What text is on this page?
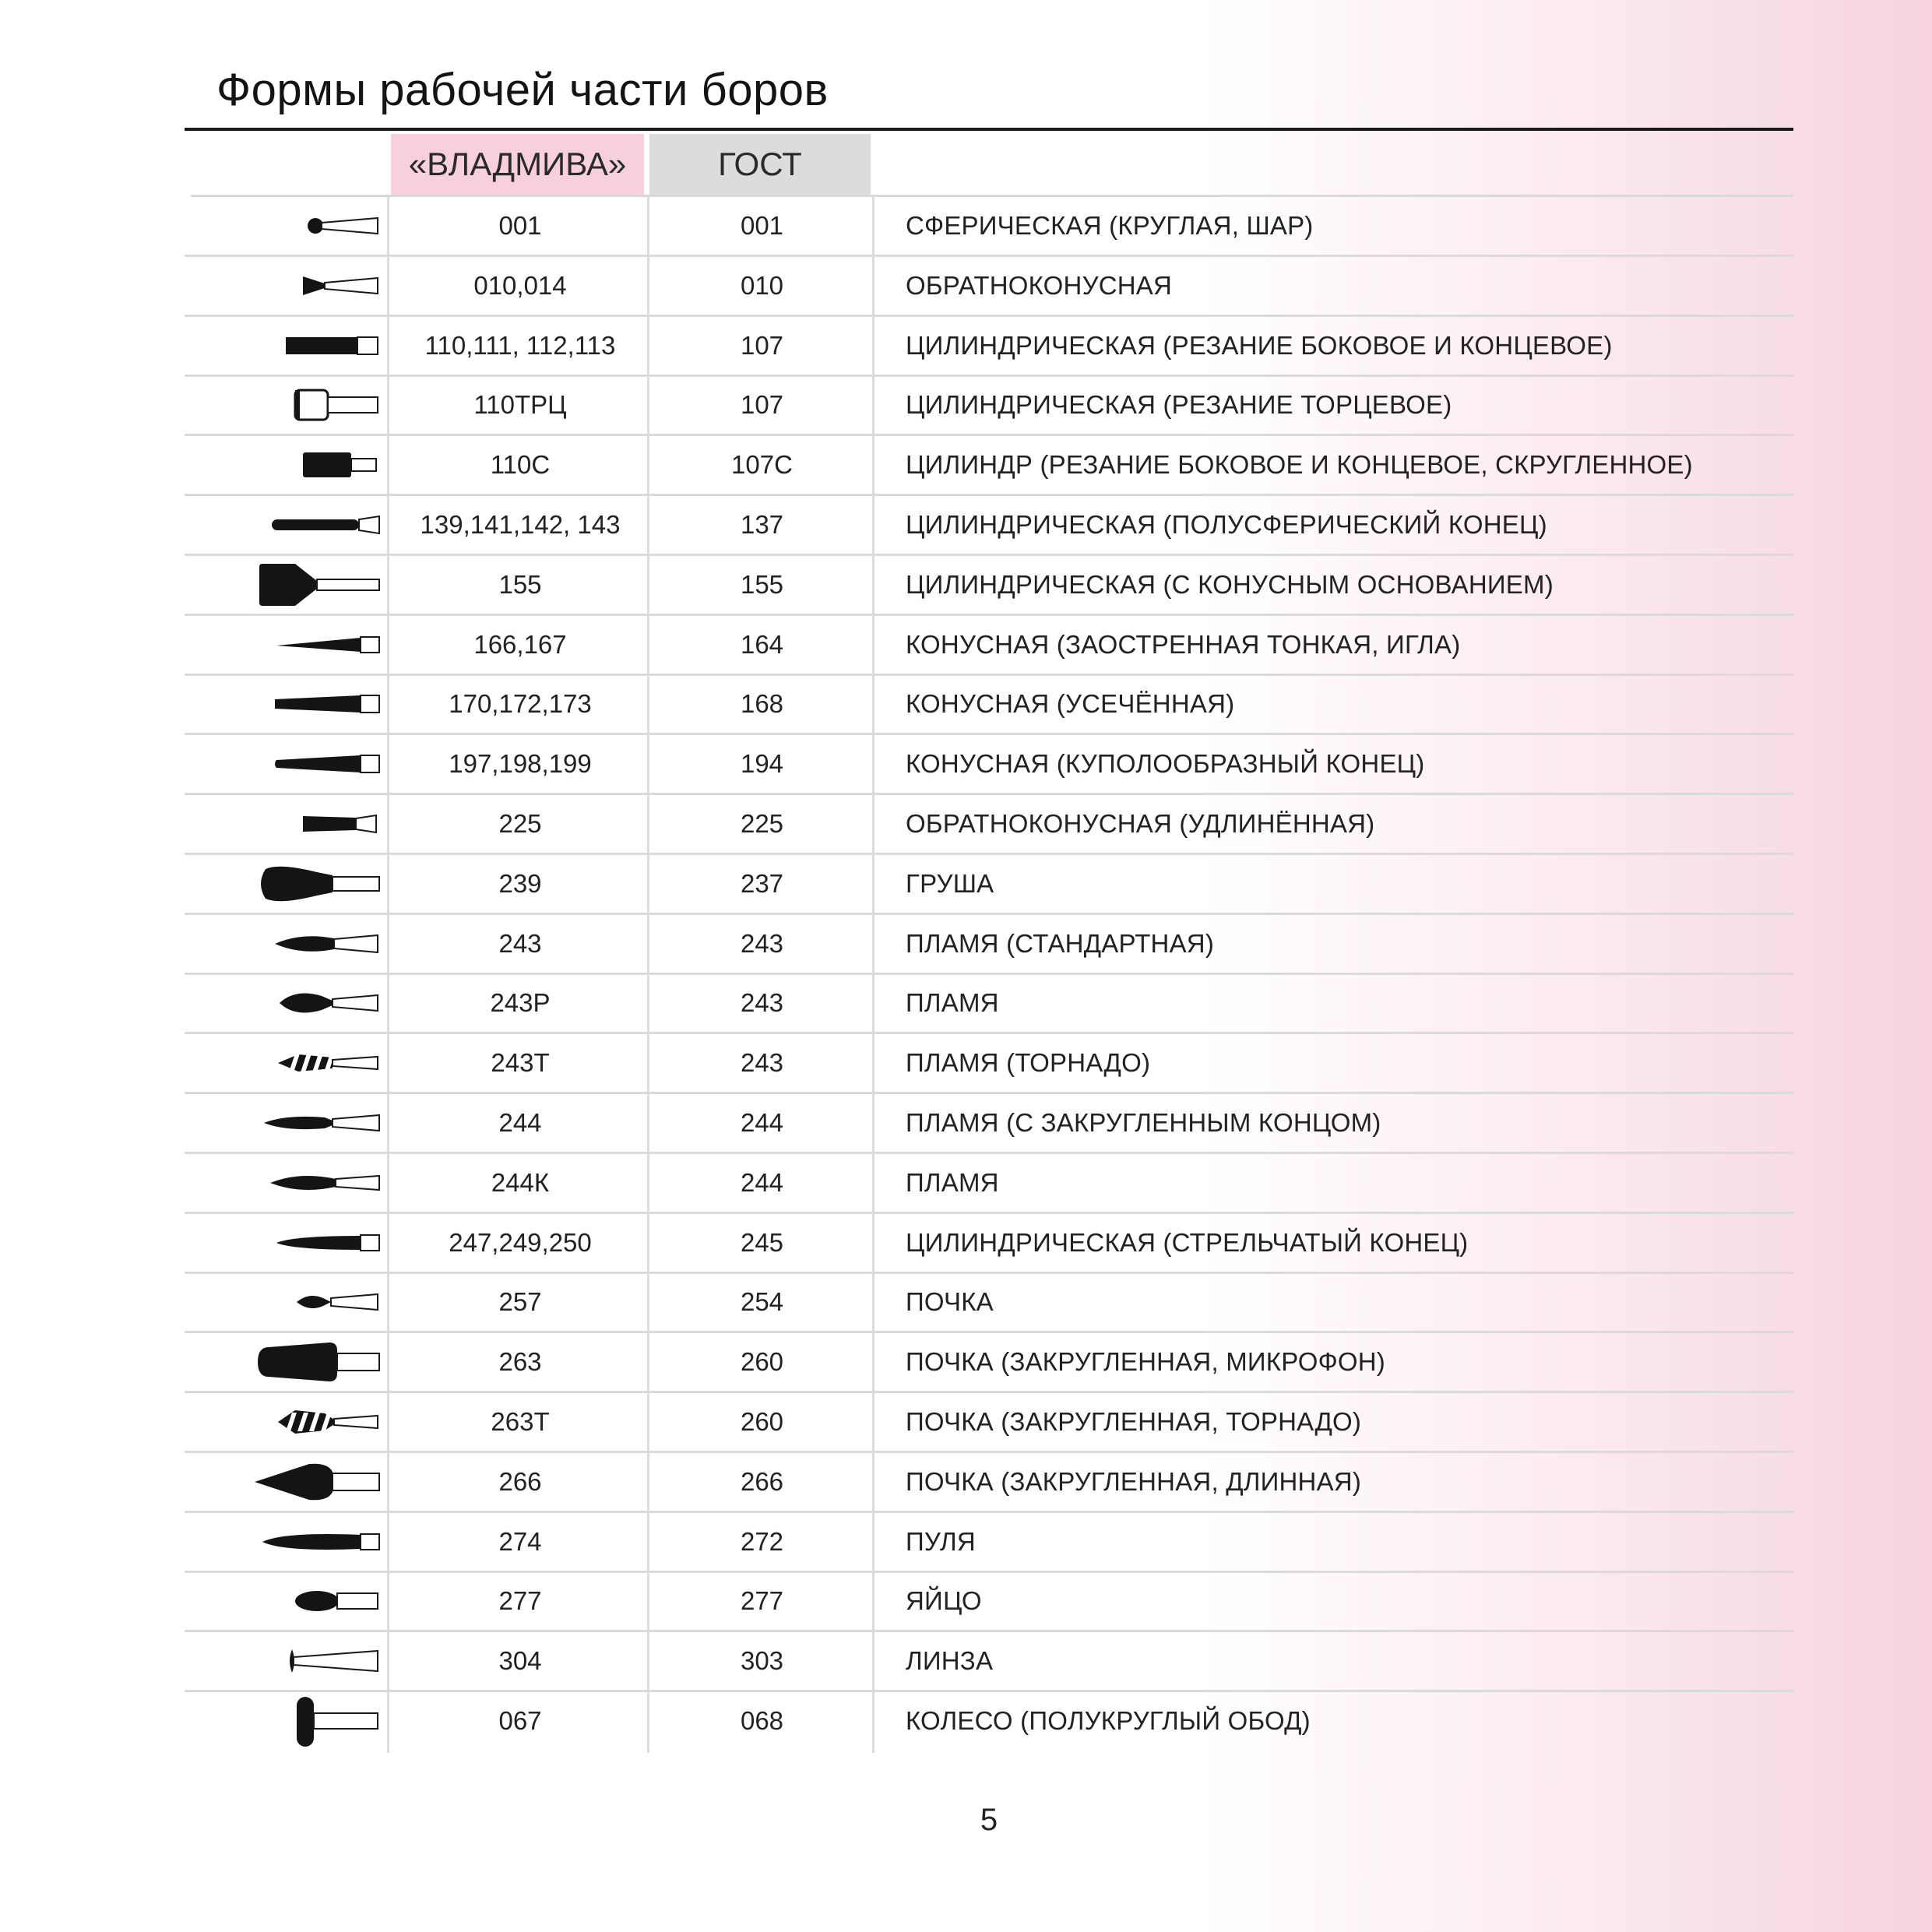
Формы рабочей части боров
«ВЛАДМИВА»	ГОСТ
001	001	СФЕРИЧЕСКАЯ (КРУГЛАЯ, ШАР)
010,014	010	ОБРАТНОКОНУСНАЯ
110,111, 112,113	107	ЦИЛИНДРИЧЕСКАЯ (РЕЗАНИЕ БОКОВОЕ И КОНЦЕВОЕ)
110ТРЦ	107	ЦИЛИНДРИЧЕСКАЯ (РЕЗАНИЕ ТОРЦЕВОЕ)
110С	107С	ЦИЛИНДР (РЕЗАНИЕ БОКОВОЕ И КОНЦЕВОЕ, СКРУГЛЕННОЕ)
139,141,142, 143	137	ЦИЛИНДРИЧЕСКАЯ (ПОЛУСФЕРИЧЕСКИЙ КОНЕЦ)
155	155	ЦИЛИНДРИЧЕСКАЯ (С КОНУСНЫМ ОСНОВАНИЕМ)
166,167	164	КОНУСНАЯ (ЗАОСТРЕННАЯ ТОНКАЯ, ИГЛА)
170,172,173	168	КОНУСНАЯ (УСЕЧЁННАЯ)
197,198,199	194	КОНУСНАЯ (КУПОЛООБРАЗНЫЙ КОНЕЦ)
225	225	ОБРАТНОКОНУСНАЯ (УДЛИНЁННАЯ)
239	237	ГРУША
243	243	ПЛАМЯ (СТАНДАРТНАЯ)
243Р	243	ПЛАМЯ
243Т	243	ПЛАМЯ (ТОРНАДО)
244	244	ПЛАМЯ (С ЗАКРУГЛЕННЫМ КОНЦОМ)
244К	244	ПЛАМЯ
247,249,250	245	ЦИЛИНДРИЧЕСКАЯ (СТРЕЛЬЧАТЫЙ КОНЕЦ)
257	254	ПОЧКА
263	260	ПОЧКА (ЗАКРУГЛЕННАЯ, МИКРОФОН)
263Т	260	ПОЧКА (ЗАКРУГЛЕННАЯ, ТОРНАДО)
266	266	ПОЧКА (ЗАКРУГЛЕННАЯ, ДЛИННАЯ)
274	272	ПУЛЯ
277	277	ЯЙЦО
304	303	ЛИНЗА
067	068	КОЛЕСО (ПОЛУКРУГЛЫЙ ОБОД)
5
